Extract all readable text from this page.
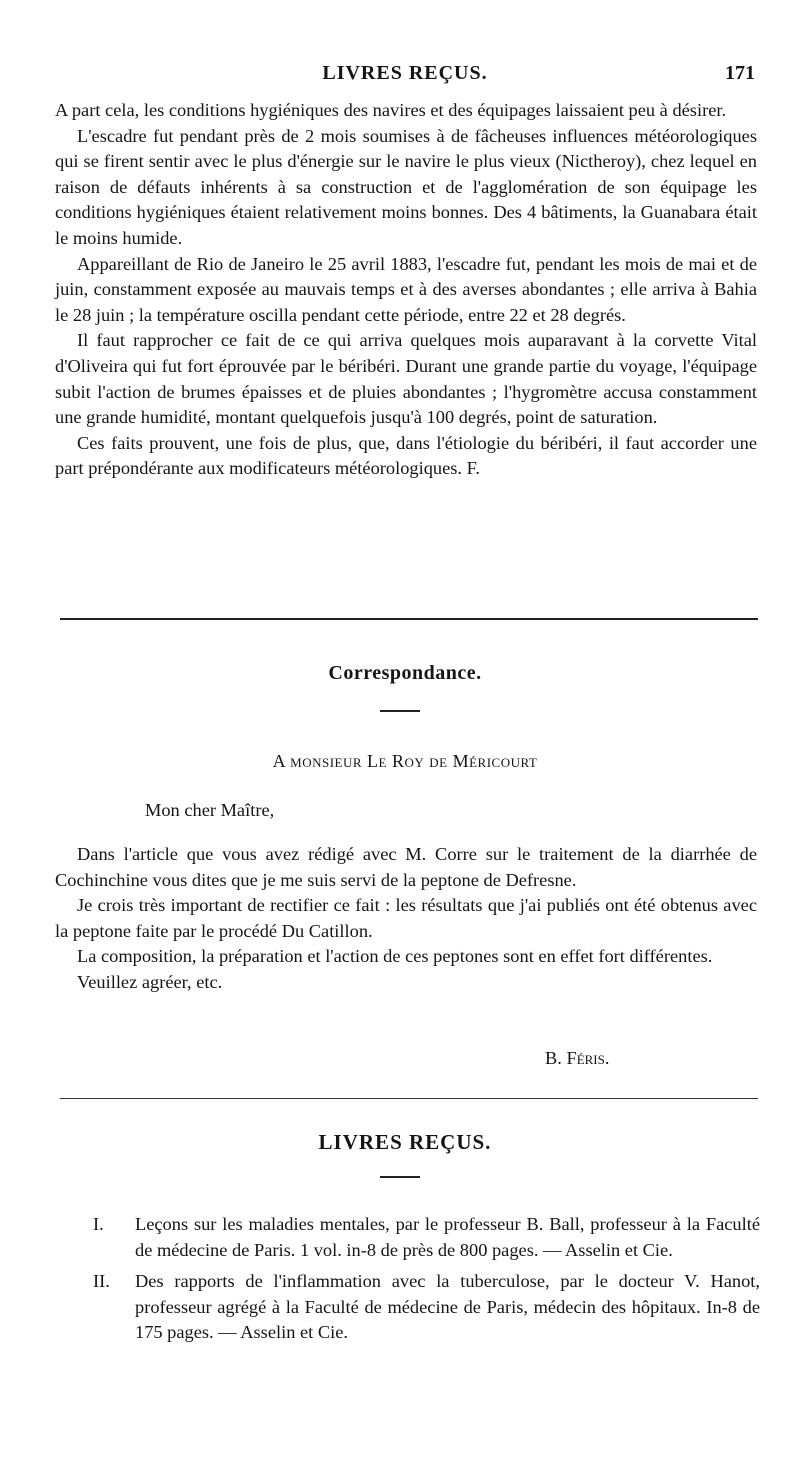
LIVRES REÇUS.	171

A part cela, les conditions hygiéniques des navires et des équipages laissaient peu à désirer.

L'escadre fut pendant près de 2 mois soumises à de fâcheuses influences météorologiques qui se firent sentir avec le plus d'énergie sur le navire le plus vieux (Nictheroy), chez lequel en raison de défauts inhérents à sa construction et de l'agglomération de son équipage les conditions hygiéniques étaient relativement moins bonnes. Des 4 bâtiments, la Guanabara était le moins humide.

Appareillant de Rio de Janeiro le 25 avril 1883, l'escadre fut, pendant les mois de mai et de juin, constamment exposée au mauvais temps et à des averses abondantes ; elle arriva à Bahia le 28 juin ; la température oscilla pendant cette période, entre 22 et 28 degrés.

Il faut rapprocher ce fait de ce qui arriva quelques mois auparavant à la corvette Vital d'Oliveira qui fut fort éprouvée par le béribéri. Durant une grande partie du voyage, l'équipage subit l'action de brumes épaisses et de pluies abondantes ; l'hygromètre accusa constamment une grande humidité, montant quelquefois jusqu'à 100 degrés, point de saturation.

Ces faits prouvent, une fois de plus, que, dans l'étiologie du béribéri, il faut accorder une part prépondérante aux modificateurs météorologiques. F.

Correspondance.
A monsieur Le Roy de Méricourt
Mon cher Maître,

Dans l'article que vous avez rédigé avec M. Corre sur le traitement de la diarrhée de Cochinchine vous dites que je me suis servi de la peptone de Defresne.

Je crois très important de rectifier ce fait : les résultats que j'ai publiés ont été obtenus avec la peptone faite par le procédé Du Catillon.

La composition, la préparation et l'action de ces peptones sont en effet fort différentes.

Veuillez agréer, etc.

B. Féris.
LIVRES REÇUS.

I. Leçons sur les maladies mentales, par le professeur B. Ball, professeur à la Faculté de médecine de Paris. 1 vol. in-8 de près de 800 pages. — Asselin et Cie.

II. Des rapports de l'inflammation avec la tuberculose, par le docteur V. Hanot, professeur agrégé à la Faculté de médecine de Paris, médecin des hôpitaux. In-8 de 175 pages. — Asselin et Cie.
